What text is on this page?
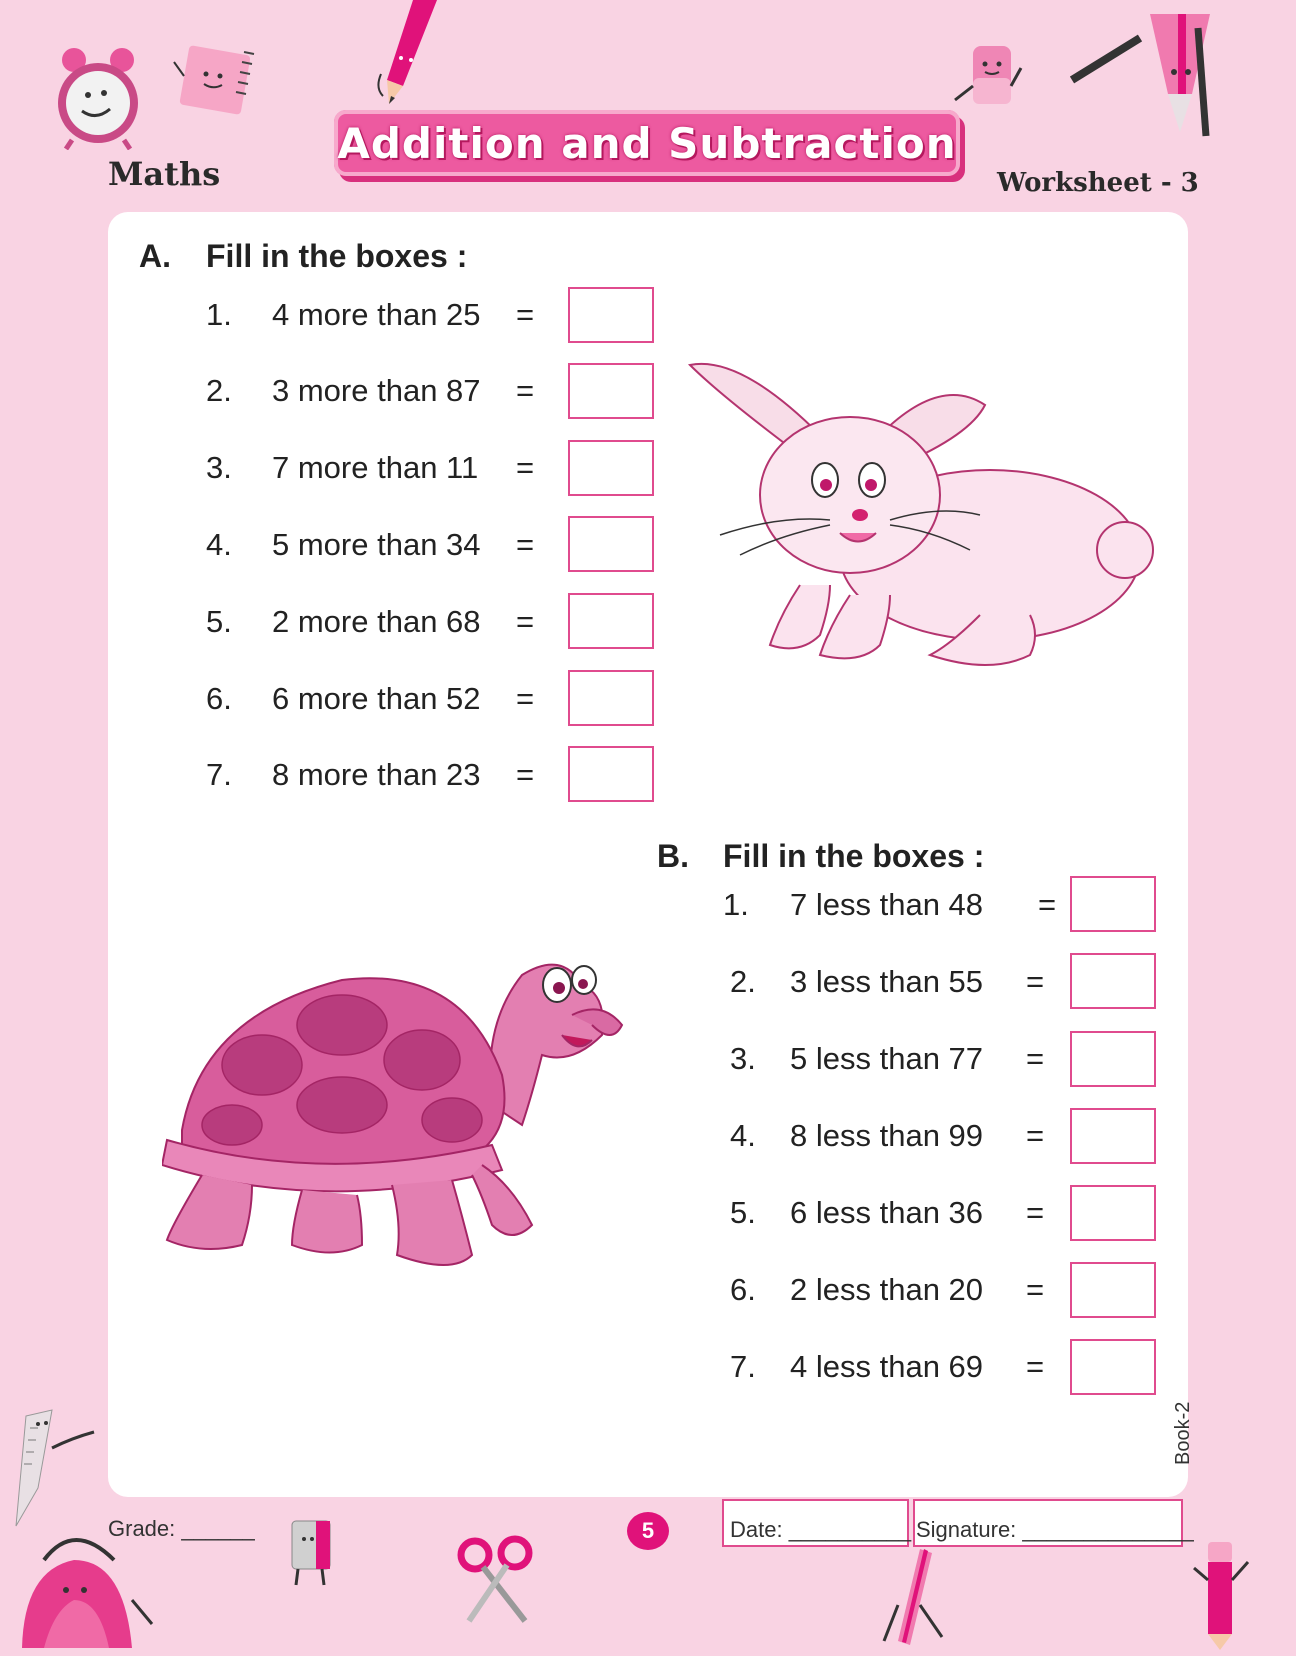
Maths
Addition and Subtraction
Worksheet - 3
A. Fill in the boxes :
1. 4 more than 25 =
2. 3 more than 87 =
3. 7 more than 11 =
4. 5 more than 34 =
5. 2 more than 68 =
6. 6 more than 52 =
7. 8 more than 23 =
B. Fill in the boxes :
1. 7 less than 48 =
2. 3 less than 55 =
3. 5 less than 77 =
4. 8 less than 99 =
5. 6 less than 36 =
6. 2 less than 20 =
7. 4 less than 69 =
Grade: ______	5	Date: __________ Signature: ______________
Book-2
